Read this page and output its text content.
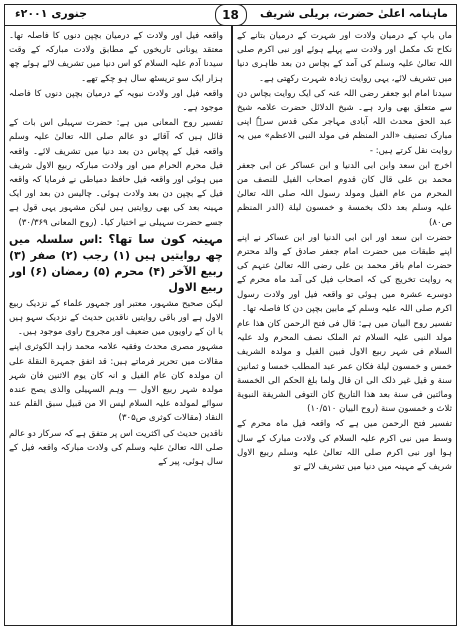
ماہنامہ اعلیٰ حضرت، بریلی شریف
18
جنوری ۲۰۰۱ء

ماں باپ کے درمیان ولادت اور شہرت کے درمیان بتانے کے نکاح تک مکمل اور ولادت سے پہلے ہوئے اور نبی اکرم صلی اللہ تعالیٰ علیہ وسلم کی آمد کے بچاس دن بعد ظاہری دنیا میں تشریف لائے، یہی روایت زیادہ شہرت رکھتی ہے۔

سیدنا امام ابو جعفر رضی اللہ عنہ کی ایک روایت بچاس دن سے متعلق بھی وارد ہے۔ شیخ الدلائل حضرت علامہ شیخ عبد الحق محدث اللہ آبادی مہاجر مکی قدس سرہٗ اپنی مبارک تصنیف «الدر المنظم فی مولد النبی الاعظم» میں یہ روایت نقل کرتے ہیں: -

اخرج ابن سعد وابن ابی الدنیا و ابن عساکر عن ابی جعفر محمد بن علی قال کان قدوم اصحاب الفیل للنصف من المحرم من عام الفیل ومولد رسول اللہ صلی اللہ تعالیٰ علیہ وسلم بعد ذلک بخمسة و خمسون لیلة (الدر المنظم ص۸۰)

حضرت ابن سعد اور ابن ابی الدنیا اور ابن عساکر نے اپنے اپنے طبقات میں حضرت امام جعفر صادق کے والد محترم حضرت امام باقر محمد بن علی رضی اللہ تعالیٰ عنہم کی یہ روایت تخریج کی کہ اصحاب فیل کی آمد ماہ محرم کے دوسرے عشرہ میں ہوئی تو واقعہ فیل اور ولادت رسول اکرم صلی اللہ علیہ وسلم کے مابین بچپن دن کا فاصلہ تھا۔

تفسیر روح البیان میں ہے: قال فی فتح الرحمن کان ھذا عام مولد النبی علیہ السلام ثم الملک نصف المحرم ولد علیہ السلام فی شہر ربیع الاول فبین الفیل و مولدہ الشریف خمس و خمسون لیلة فکان عمر عبد المطلب خمسا و ثمانین سنة و قیل غیر ذلک الی ان قال ولما بلغ الحکم الی الخمسة ومائتین فی سنة بعد ھذا التاریخ کان التوفی الشریفة النبویة ثلاث و خمسون سنة (روح البیان ۱۰/۵۱۰)

تفسیر فتح الرحمن میں ہے کہ واقعہ فیل ماہ محرم کے وسط میں نبی اکرم علیہ السلام کی ولادت مبارک کے سال ہوا اور نبی اکرم صلی اللہ تعالیٰ علیہ وسلم ربیع الاول شریف کے مہینہ میں دنیا میں تشریف لائے تو

واقعہ فیل اور ولادت کے درمیان بچپن دنوں کا فاصلہ تھا۔ معتقد یونانی تاریخوں کے مطابق ولادت مبارکہ کے وقت سیدنا آدم علیہ السلام کو اس دنیا میں تشریف لائے ہوئے چھ ہزار ایک سو تریسٹھ سال ہو چکے تھے۔

واقعہ فیل اور ولادت نبویہ کے درمیان بچپن دنوں کا فاصلہ موجود ہے۔

تفسیر روح المعانی میں ہے: حضرت سہیلی اس بات کے قائل ہیں کہ آقائے دو عالم صلی اللہ تعالیٰ علیہ وسلم واقعہ فیل کے پچاس دن بعد دنیا میں تشریف لائے۔ واقعہ فیل محرم الحرام میں اور ولادت مبارکہ ربیع الاول شریف میں ہوئی اور واقعہ فیل حافظ دمیاطی نے فرمایا کہ واقعہ فیل کے بچپن دن بعد ولادت ہوئی۔ چالیس دن بعد اور ایک مہینہ بعد کی بھی روایتیں ہیں لیکن مشہور یہی قول ہے جسے حضرت سہیلی نے اختیار کیا۔ (روح المعانی ۳۰/۳۶۹)

مہینہ کون سا تھا؟ :اس سلسلہ میں چھ روایتیں ہیں (۱) رجب (۲) صفر (۳) ربیع الآخر (۴) محرم (۵) رمضان (۶) اور ربیع الاول

لیکن صحیح مشہور، معتبر اور جمہور علماء کے نزدیک ربیع الاول ہے اور باقی روایتیں ناقدین حدیث کے نزدیک سہو ہیں یا ان کے راویوں میں ضعیف اور مجروح راوی موجود ہیں۔

مشہور مصری محدث وفقیہ علامہ محمد زاہد الکوثری اپنے مقالات میں تحریر فرماتے ہیں: قد اتفق جمہرة النقلة علی ان مولدہ کان عام الفیل و انہ کان یوم الاثنین فان شہر مولدہ شہر ربیع الاول — وہم السہیلی والذی یصح عندہ سوائے لمولدہ علیہ السلام لیس الا من قبیل سبق القلم عند النقاد (مقالات کوثری ص۳۰۵)

ناقدین حدیث کی اکثریت اس پر متفق ہے کہ سرکار دو عالم صلی اللہ تعالیٰ علیہ وسلم کی ولادت مبارکہ واقعہ فیل کے سال ہوئی، پیر کے
